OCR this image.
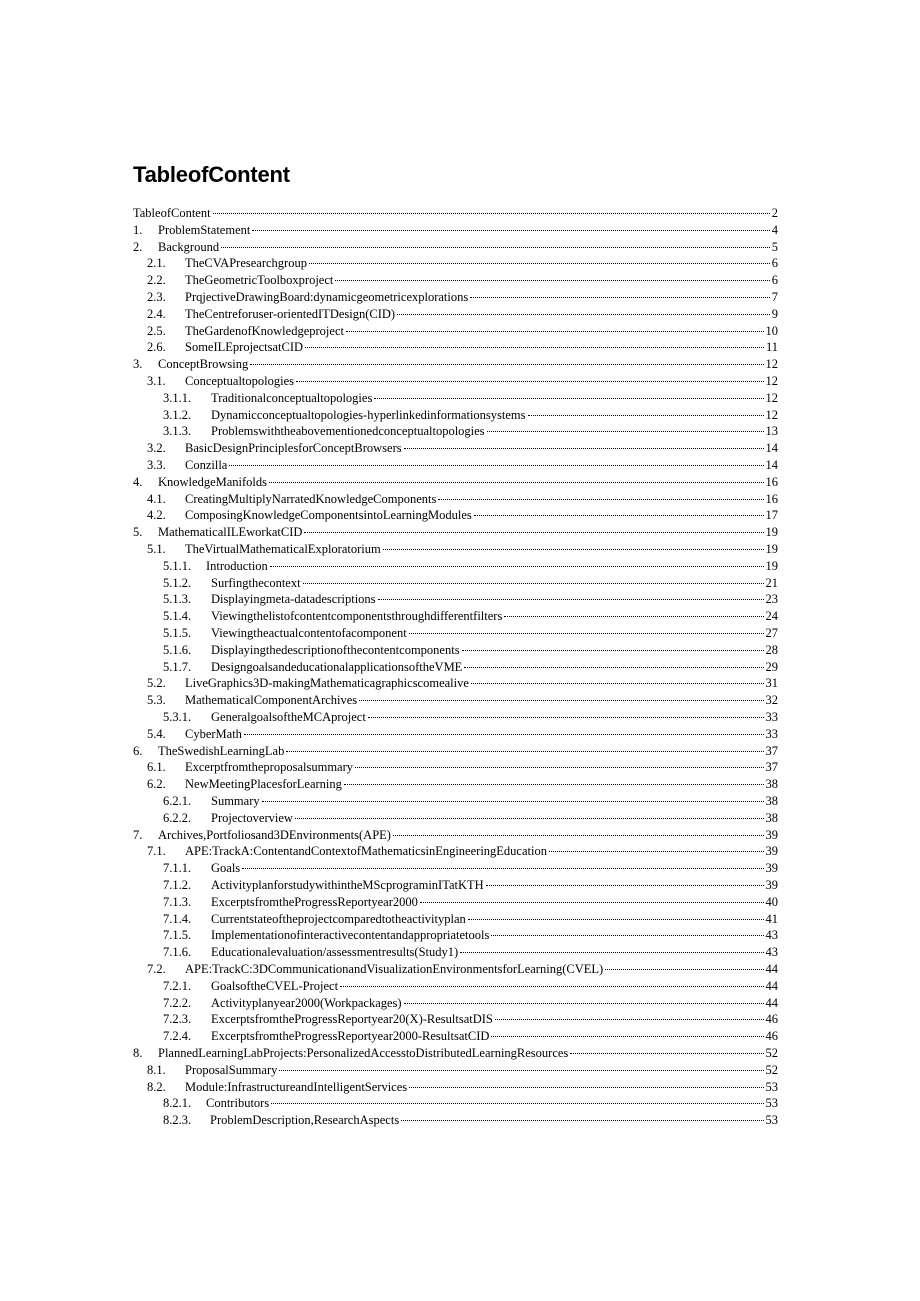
TableofContent
TableofContent	2
1.	ProblemStatement	4
2.	Background	5
2.1.	TheCVAPresearchgroup	6
2.2.	TheGeometricToolboxproject	6
2.3.	PrqjectiveDrawingBoard:dynamicgeometricexplorations	7
2.4.	TheCentreforuser-orientedITDesign(CID)	9
2.5.	TheGardenofKnowledgeproject	10
2.6.	SomeILEprojectsatCID	11
3.	ConceptBrowsing	12
3.1.	Conceptualtopologies	12
3.1.1.	Traditionalconceptualtopologies	12
3.1.2.	Dynamicconceptualtopologies-hyperlinkedinformationsystems	12
3.1.3.	Problemswiththeabovementionedconceptualtopologies	13
3.2.	BasicDesignPrinciplesforConceptBrowsers	14
3.3.	Conzilla	14
4.	KnowledgeManifolds	16
4.1.	CreatingMultiplyNarratedKnowledgeComponents	16
4.2.	ComposingKnowledgeComponentsintoLearningModules	17
5.	MathematicalILEworkatCID	19
5.1.	TheVirtualMathematicalExploratorium	19
5.1.1.	Introduction	19
5.1.2.	Surfingthecontext	21
5.1.3.	Displayingmeta-datadescriptions	23
5.1.4.	Viewingthelistofcontentcomponentsthroughdifferentfilters	24
5.1.5.	Viewingtheactualcontentofacomponent	27
5.1.6.	Displayingthedescriptionofthecontentcomponents	28
5.1.7.	DesigngoalsandeducationalapplicationsoftheVME	29
5.2.	LiveGraphics3D-makingMathematicagraphicscomealive	31
5.3.	MathematicalComponentArchives	32
5.3.1.	GeneralgoalsoftheMCAproject	33
5.4.	CyberMath	33
6.	TheSwedishLearningLab	37
6.1.	Excerptfromtheproposalsummary	37
6.2.	NewMeetingPlacesforLearning	38
6.2.1.	Summary	38
6.2.2.	Projectoverview	38
7.	Archives,Portfoliosand3DEnvironments(APE)	39
7.1.	APE:TrackA:ContentandContextofMathematicsinEngineeringEducation	39
7.1.1.	Goals	39
7.1.2.	ActivityplanforstudywithintheMScprograminITatKTH	39
7.1.3.	ExcerptsfromtheProgressReportyear2000	40
7.1.4.	Currentstateoftheprojectcomparedtotheactivityplan	41
7.1.5.	Implementationofinteractivecontentandappropriatetools	43
7.1.6.	Educationalevaluation/assessmentresults(Study1)	43
7.2.	APE:TrackC:3DCommunicationandVisualizationEnvironmentsforLearning(CVEL)	44
7.2.1.	GoalsoftheCVEL-Project	44
7.2.2.	Activityplanyear2000(Workpackages)	44
7.2.3.	ExcerptsfromtheProgressReportyear20(X)-ResultsatDIS	46
7.2.4.	ExcerptsfromtheProgressReportyear2000-ResultsatCID	46
8.	PlannedLearningLabProjects:PersonalizedAccesstoDistributedLearningResources	52
8.1.	ProposalSummary	52
8.2.	Module:InfrastructureandIntelligentServices	53
8.2.1.	Contributors	53
8.2.3.	ProblemDescription,ResearchAspects	53
